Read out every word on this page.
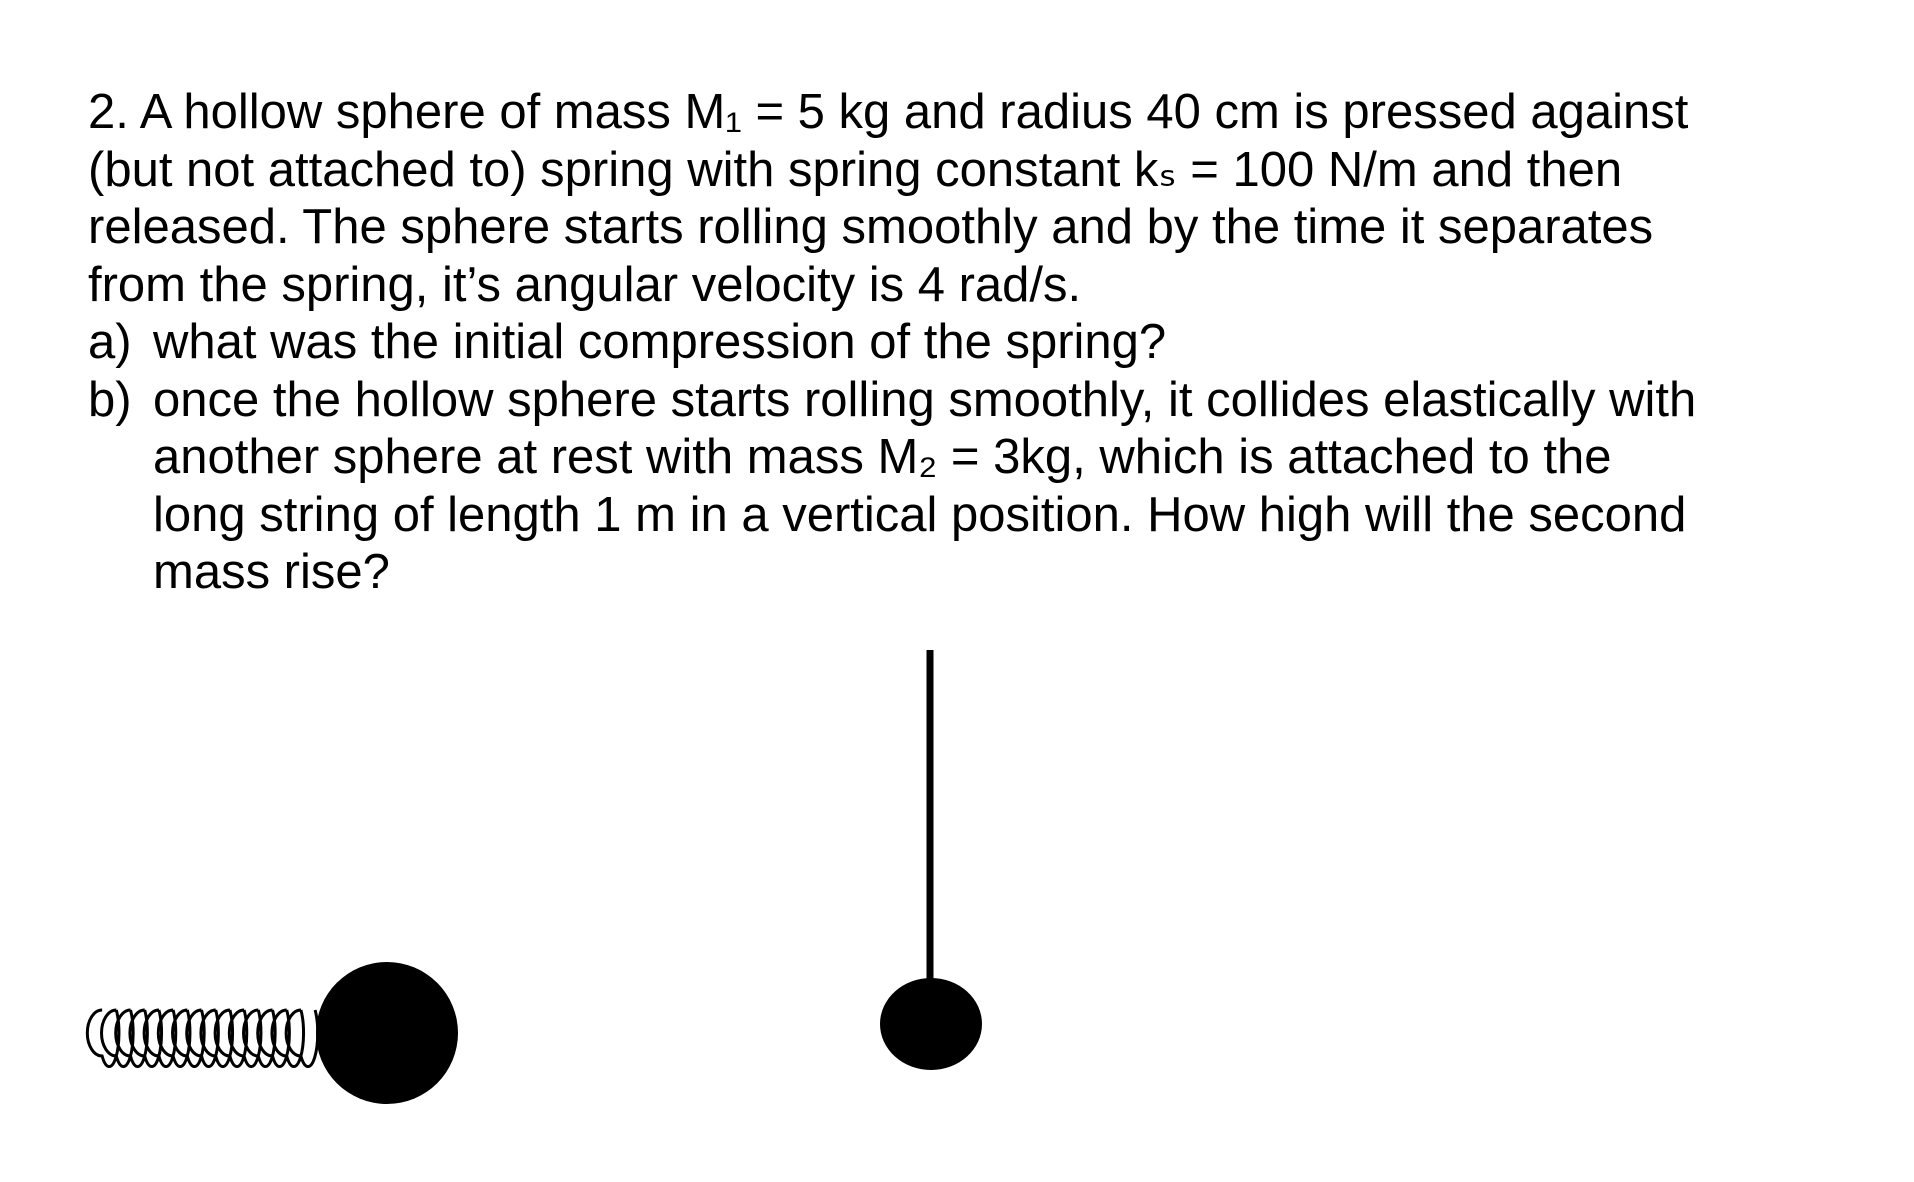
2. A hollow sphere of mass M₁ = 5 kg and radius 40 cm is pressed against
(but not attached to) spring with spring constant kₛ = 100 N/m and then
released. The sphere starts rolling smoothly and by the time it separates
from the spring, it’s angular velocity is 4 rad/s.
a) what was the initial compression of the spring?
b) once the hollow sphere starts rolling smoothly, it collides elastically with
another sphere at rest with mass M₂ = 3kg, which is attached to the
long string of length 1 m in a vertical position. How high will the second
mass rise?
